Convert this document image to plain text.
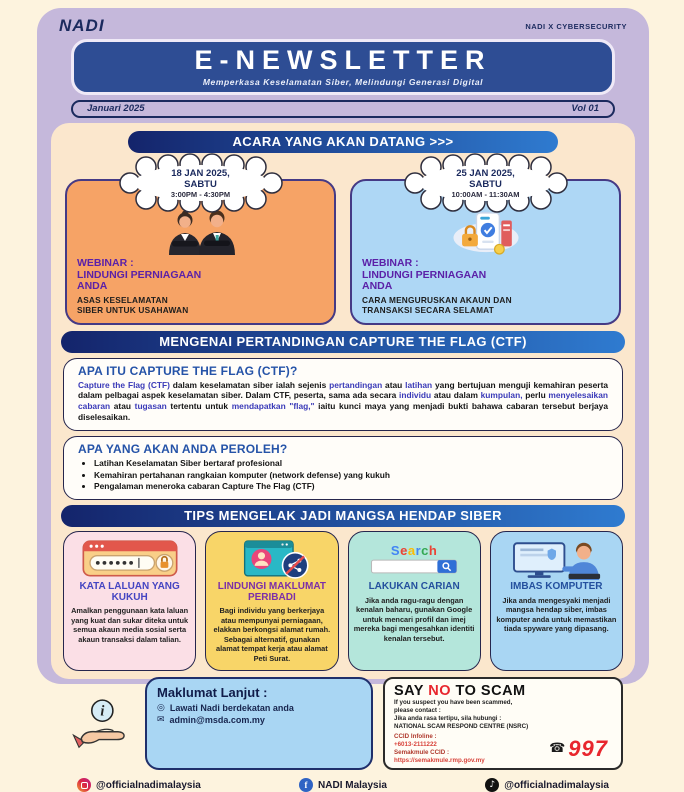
NADI	NADI X CYBERSECURITY
E-NEWSLETTER
Memperkasa Keselamatan Siber, Melindungi Generasi Digital
Januari 2025	Vol 01
ACARA YANG AKAN DATANG >>>
18 JAN 2025,
SABTU
3:00PM - 4:30PM
WEBINAR :
LINDUNGI PERNIAGAAN
ANDA
ASAS KESELAMATAN
SIBER UNTUK USAHAWAN
25 JAN 2025,
SABTU
10:00AM - 11:30AM
WEBINAR :
LINDUNGI PERNIAGAAN
ANDA
CARA MENGURUSKAN AKAUN DAN
TRANSAKSI SECARA SELAMAT
MENGENAI PERTANDINGAN CAPTURE THE FLAG (CTF)
APA ITU CAPTURE THE FLAG (CTF)?
Capture the Flag (CTF) dalam keselamatan siber ialah sejenis pertandingan atau latihan yang bertujuan menguji kemahiran peserta dalam pelbagai aspek keselamatan siber. Dalam CTF, peserta, sama ada secara individu atau dalam kumpulan, perlu menyelesaikan cabaran atau tugasan tertentu untuk mendapatkan "flag," iaitu kunci maya yang menjadi bukti bahawa cabaran tersebut berjaya diselesaikan.
APA YANG AKAN ANDA PEROLEH?
• Latihan Keselamatan Siber bertaraf profesional
• Kemahiran pertahanan rangkaian komputer (network defense) yang kukuh
• Pengalaman meneroka cabaran Capture The Flag (CTF)
TIPS MENGELAK JADI MANGSA HENDAP SIBER
KATA LALUAN YANG KUKUH
Amalkan penggunaan kata laluan yang kuat dan sukar diteka untuk semua akaun media sosial serta akaun transaksi dalam talian.
LINDUNGI MAKLUMAT PERIBADI
Bagi individu yang berkerjaya atau mempunyai perniagaan, elakkan berkongsi alamat rumah. Sebagai alternatif, gunakan alamat tempat kerja atau alamat Peti Surat.
Search
LAKUKAN CARIAN
Jika anda ragu-ragu dengan kenalan baharu, gunakan Google untuk mencari profil dan imej mereka bagi mengesahkan identiti kenalan tersebut.
IMBAS KOMPUTER
Jika anda mengesyaki menjadi mangsa hendap siber, imbas komputer anda untuk memastikan tiada spyware yang dipasang.
i
Maklumat Lanjut :
◎ Lawati Nadi berdekatan anda
✉ admin@msda.com.my
SAY NO TO SCAM
If you suspect you have been scammed,
please contact :
Jika anda rasa tertipu, sila hubungi :
NATIONAL SCAM RESPOND CENTRE (NSRC)
CCID Infoline :
+6013-2111222
Semakmule CCID :
https://semakmule.rmp.gov.my
☎ 997
@officialnadimalaysia	f	NADI Malaysia	♪ @officialnadimalaysia
